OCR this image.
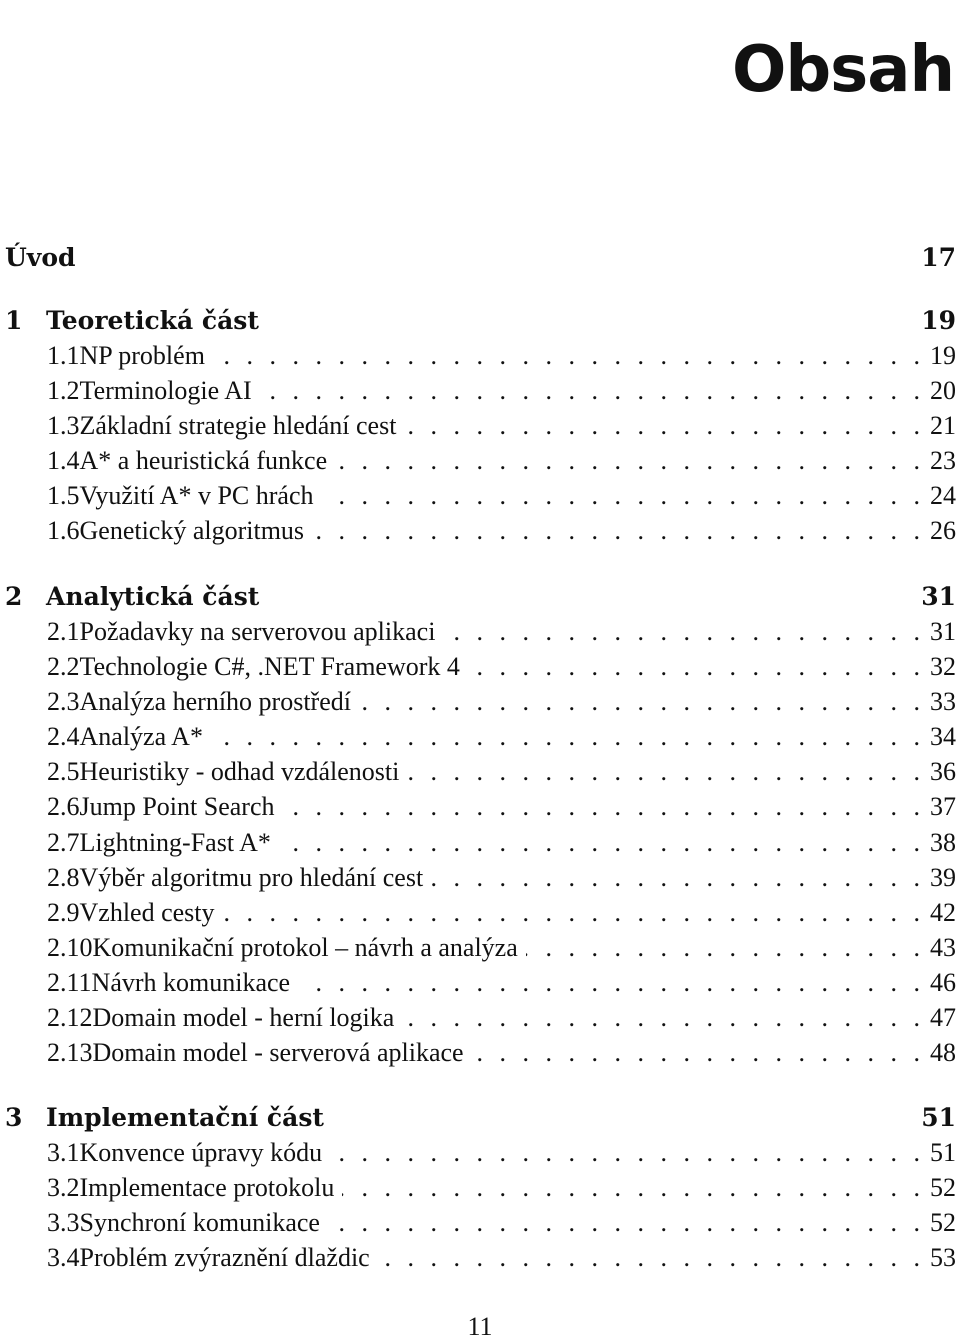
Obsah
Úvod	17
1 Teoretická část	19
1.1 NP problém . . .	19
1.2 Terminologie AI . . .	20
1.3 Základní strategie hledání cest . . .	21
1.4 A* a heuristická funkce . . .	23
1.5 Využití A* v PC hrách . . .	24
1.6 Genetický algoritmus . . .	26
2 Analytická část	31
2.1 Požadavky na serverovou aplikaci . . .	31
2.2 Technologie C#, .NET Framework 4 . . .	32
2.3 Analýza herního prostředí . . .	33
2.4 Analýza A* . . .	34
2.5 Heuristiky - odhad vzdálenosti . . .	36
2.6 Jump Point Search . . .	37
2.7 Lightning-Fast A* . . .	38
2.8 Výběr algoritmu pro hledání cest . . .	39
2.9 Vzhled cesty . . .	42
2.10 Komunikační protokol – návrh a analýza . . .	43
2.11 Návrh komunikace . . .	46
2.12 Domain model - herní logika . . .	47
2.13 Domain model - serverová aplikace . . .	48
3 Implementační část	51
3.1 Konvence úpravy kódu . . .	51
3.2 Implementace protokolu . . .	52
3.3 Synchroní komunikace . . .	52
3.4 Problém zvýraznění dlaždic . . .	53
11
